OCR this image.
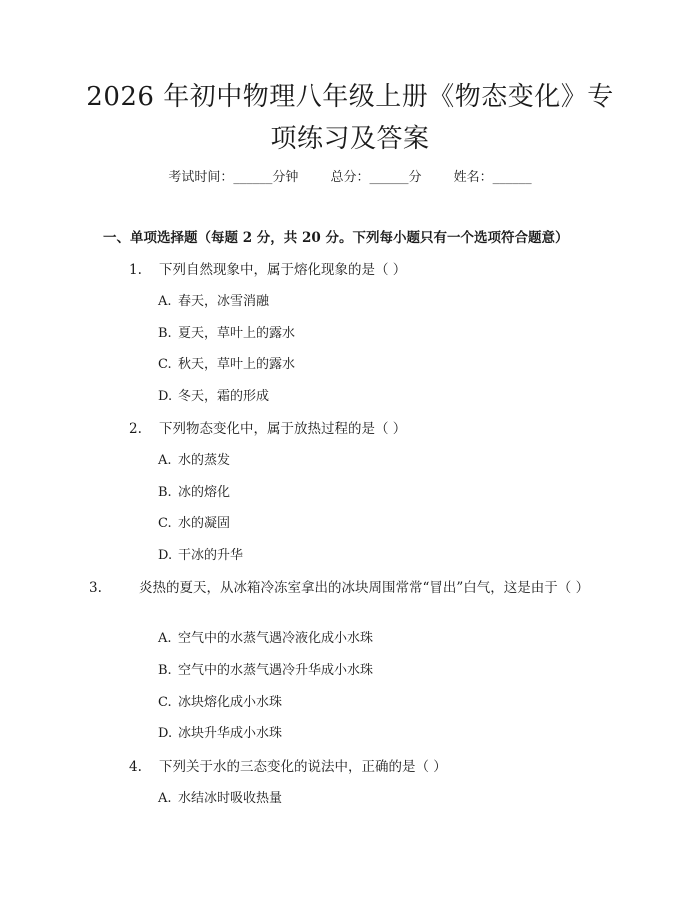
2026 年初中物理八年级上册《物态变化》专
项练习及答案
考试时间：______分钟 总分：______分 姓名：______
一、单项选择题（每题 2 分，共 20 分。下列每小题只有一个选项符合题意）
1. 下列自然现象中，属于熔化现象的是（ ）
A. 春天，冰雪消融
B. 夏天，草叶上的露水
C. 秋天，草叶上的露水
D. 冬天，霜的形成
2. 下列物态变化中，属于放热过程的是（ ）
A. 水的蒸发
B. 冰的熔化
C. 水的凝固
D. 干冰的升华
3.	炎热的夏天，从冰箱冷冻室拿出的冰块周围常常“冒出”白气，这是由于（ ）
A. 空气中的水蒸气遇冷液化成小水珠
B. 空气中的水蒸气遇冷升华成小水珠
C. 冰块熔化成小水珠
D. 冰块升华成小水珠
4. 下列关于水的三态变化的说法中，正确的是（ ）
A. 水结冰时吸收热量
